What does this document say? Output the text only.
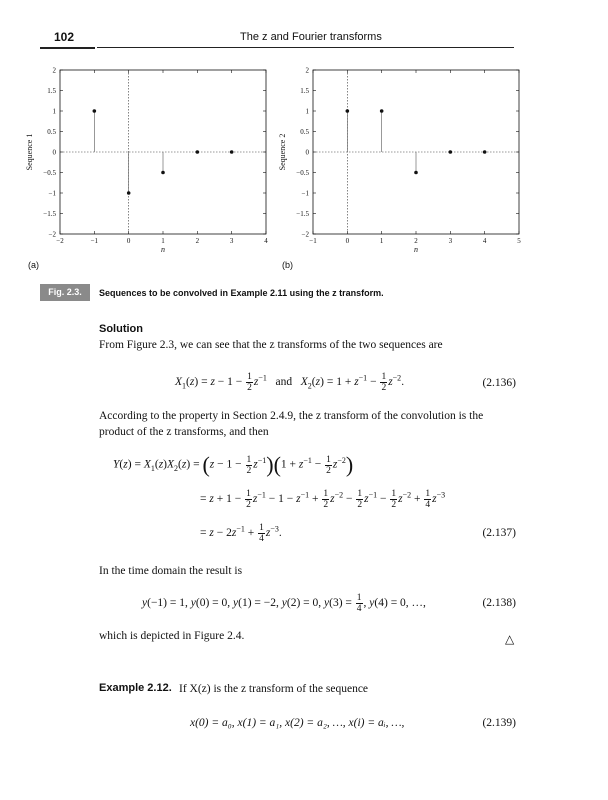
102	The z and Fourier transforms
−2	−1	0	1	2	3	4
−2
−1.5
−1
−0.5
0
0.5
1
1.5
2
n
Sequence 1
−1	0	1	2	3	4	5
−2
−1.5
−1
−0.5
0
0.5
1
1.5
2
n
Sequence 2
(a)	(b)
Fig. 2.3.	Sequences to be convolved in Example 2.11 using the z transform.
Solution
From Figure 2.3, we can see that the z transforms of the two sequences are
$X_1(z) = z - 1 - \frac{1}{2} z^{-1}$   and   $X_2(z) = 1 + z^{-1} - \frac{1}{2} z^{-2}$.	(2.136)
According to the property in Section 2.4.9, the z transform of the convolution is the product of the z transforms, and then
$Y(z) = X_1(z)X_2(z) = (z - 1 - \frac{1}{2} z^{-1})(1 + z^{-1} - \frac{1}{2} z^{-2})$
= $z + 1 - \frac{1}{2} z^{-1} - 1 - z^{-1} + \frac{1}{2} z^{-2} - \frac{1}{2} z^{-1} - \frac{1}{2} z^{-2} + \frac{1}{4} z^{-3}$
= $z - 2z^{-1} + \frac{1}{4} z^{-3}$.	(2.137)
In the time domain the result is
y(−1) = 1, y(0) = 0, y(1) = −2, y(2) = 0, $y(3) = \frac{1}{4}$ , y(4) = 0, …,	(2.138)
which is depicted in Figure 2.4.	△
Example 2.12. If X(z) is the z transform of the sequence
x(0) = a₀, x(1) = a₁, x(2) = a₂, …, x(i) = aᵢ, …,	(2.139)
